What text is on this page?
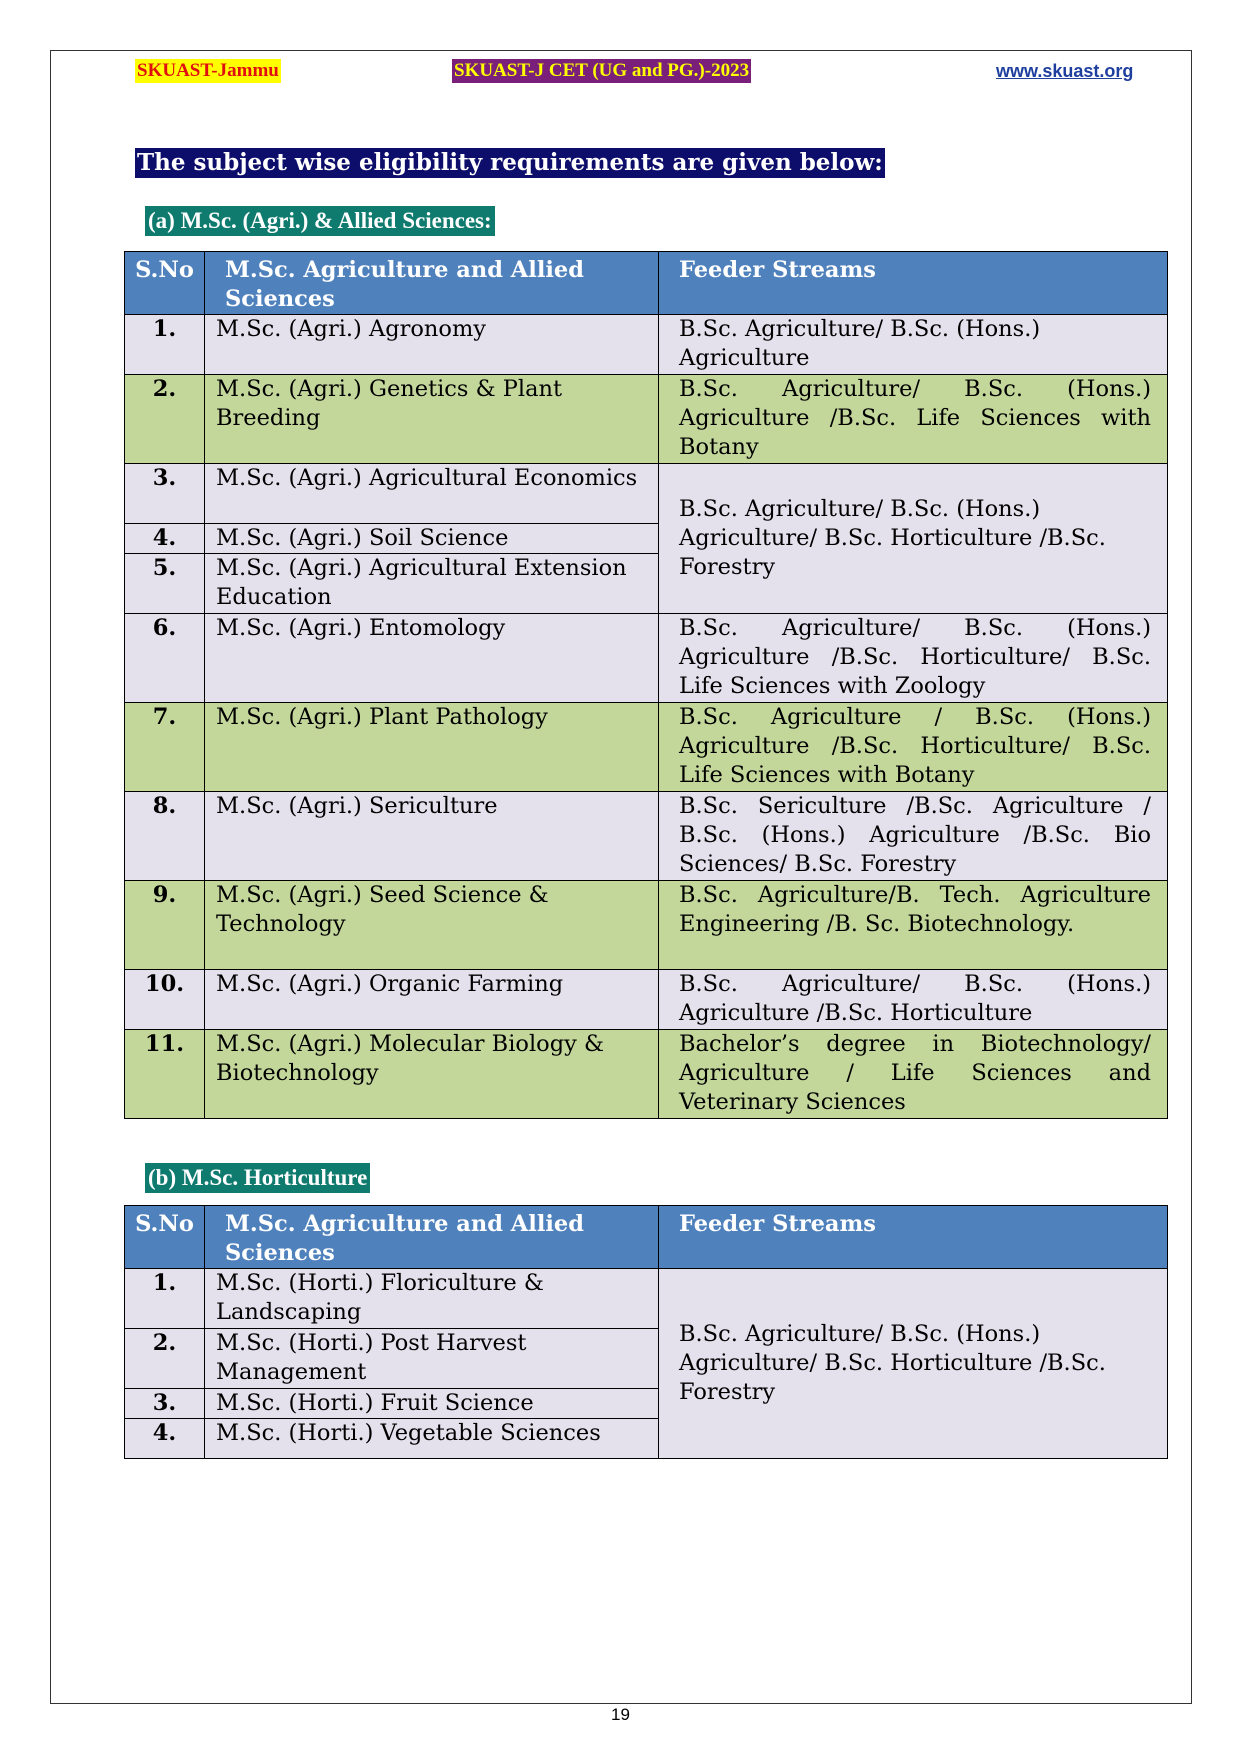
SKUAST-Jammu	SKUAST-J CET (UG and PG.)-2023	www.skuast.org
The subject wise eligibility requirements are given below:
(a) M.Sc. (Agri.) & Allied Sciences:
S.No	M.Sc. Agriculture and Allied Sciences	Feeder Streams

1.	M.Sc. (Agri.) Agronomy	B.Sc. Agriculture/ B.Sc. (Hons.) Agriculture
2.	M.Sc. (Agri.) Genetics & Plant Breeding	B.Sc. Agriculture/ B.Sc. (Hons.) Agriculture /B.Sc. Life Sciences with Botany
3.	M.Sc. (Agri.) Agricultural Economics	B.Sc. Agriculture/ B.Sc. (Hons.) Agriculture/ B.Sc. Horticulture /B.Sc. Forestry
4.	M.Sc. (Agri.) Soil Science	
5.	M.Sc. (Agri.) Agricultural Extension Education	
6.	M.Sc. (Agri.) Entomology	B.Sc. Agriculture/ B.Sc. (Hons.) Agriculture /B.Sc. Horticulture/ B.Sc. Life Sciences with Zoology
7.	M.Sc. (Agri.) Plant Pathology	B.Sc. Agriculture / B.Sc. (Hons.) Agriculture /B.Sc. Horticulture/ B.Sc. Life Sciences with Botany
8.	M.Sc. (Agri.) Sericulture	B.Sc. Sericulture /B.Sc. Agriculture / B.Sc. (Hons.) Agriculture /B.Sc. Bio Sciences/ B.Sc. Forestry
9.	M.Sc. (Agri.) Seed Science & Technology	B.Sc. Agriculture/B. Tech. Agriculture Engineering /B. Sc. Biotechnology.
10.	M.Sc. (Agri.) Organic Farming	B.Sc. Agriculture/ B.Sc. (Hons.) Agriculture /B.Sc. Horticulture
11.	M.Sc. (Agri.) Molecular Biology & Biotechnology	Bachelor’s degree in Biotechnology/ Agriculture / Life Sciences and Veterinary Sciences
(b) M.Sc. Horticulture
S.No	M.Sc. Agriculture and Allied Sciences	Feeder Streams

1.	M.Sc. (Horti.) Floriculture & Landscaping	B.Sc. Agriculture/ B.Sc. (Hons.) Agriculture/ B.Sc. Horticulture /B.Sc. Forestry
2.	M.Sc. (Horti.) Post Harvest Management	
3.	M.Sc. (Horti.) Fruit Science	
4.	M.Sc. (Horti.) Vegetable Sciences	
19
